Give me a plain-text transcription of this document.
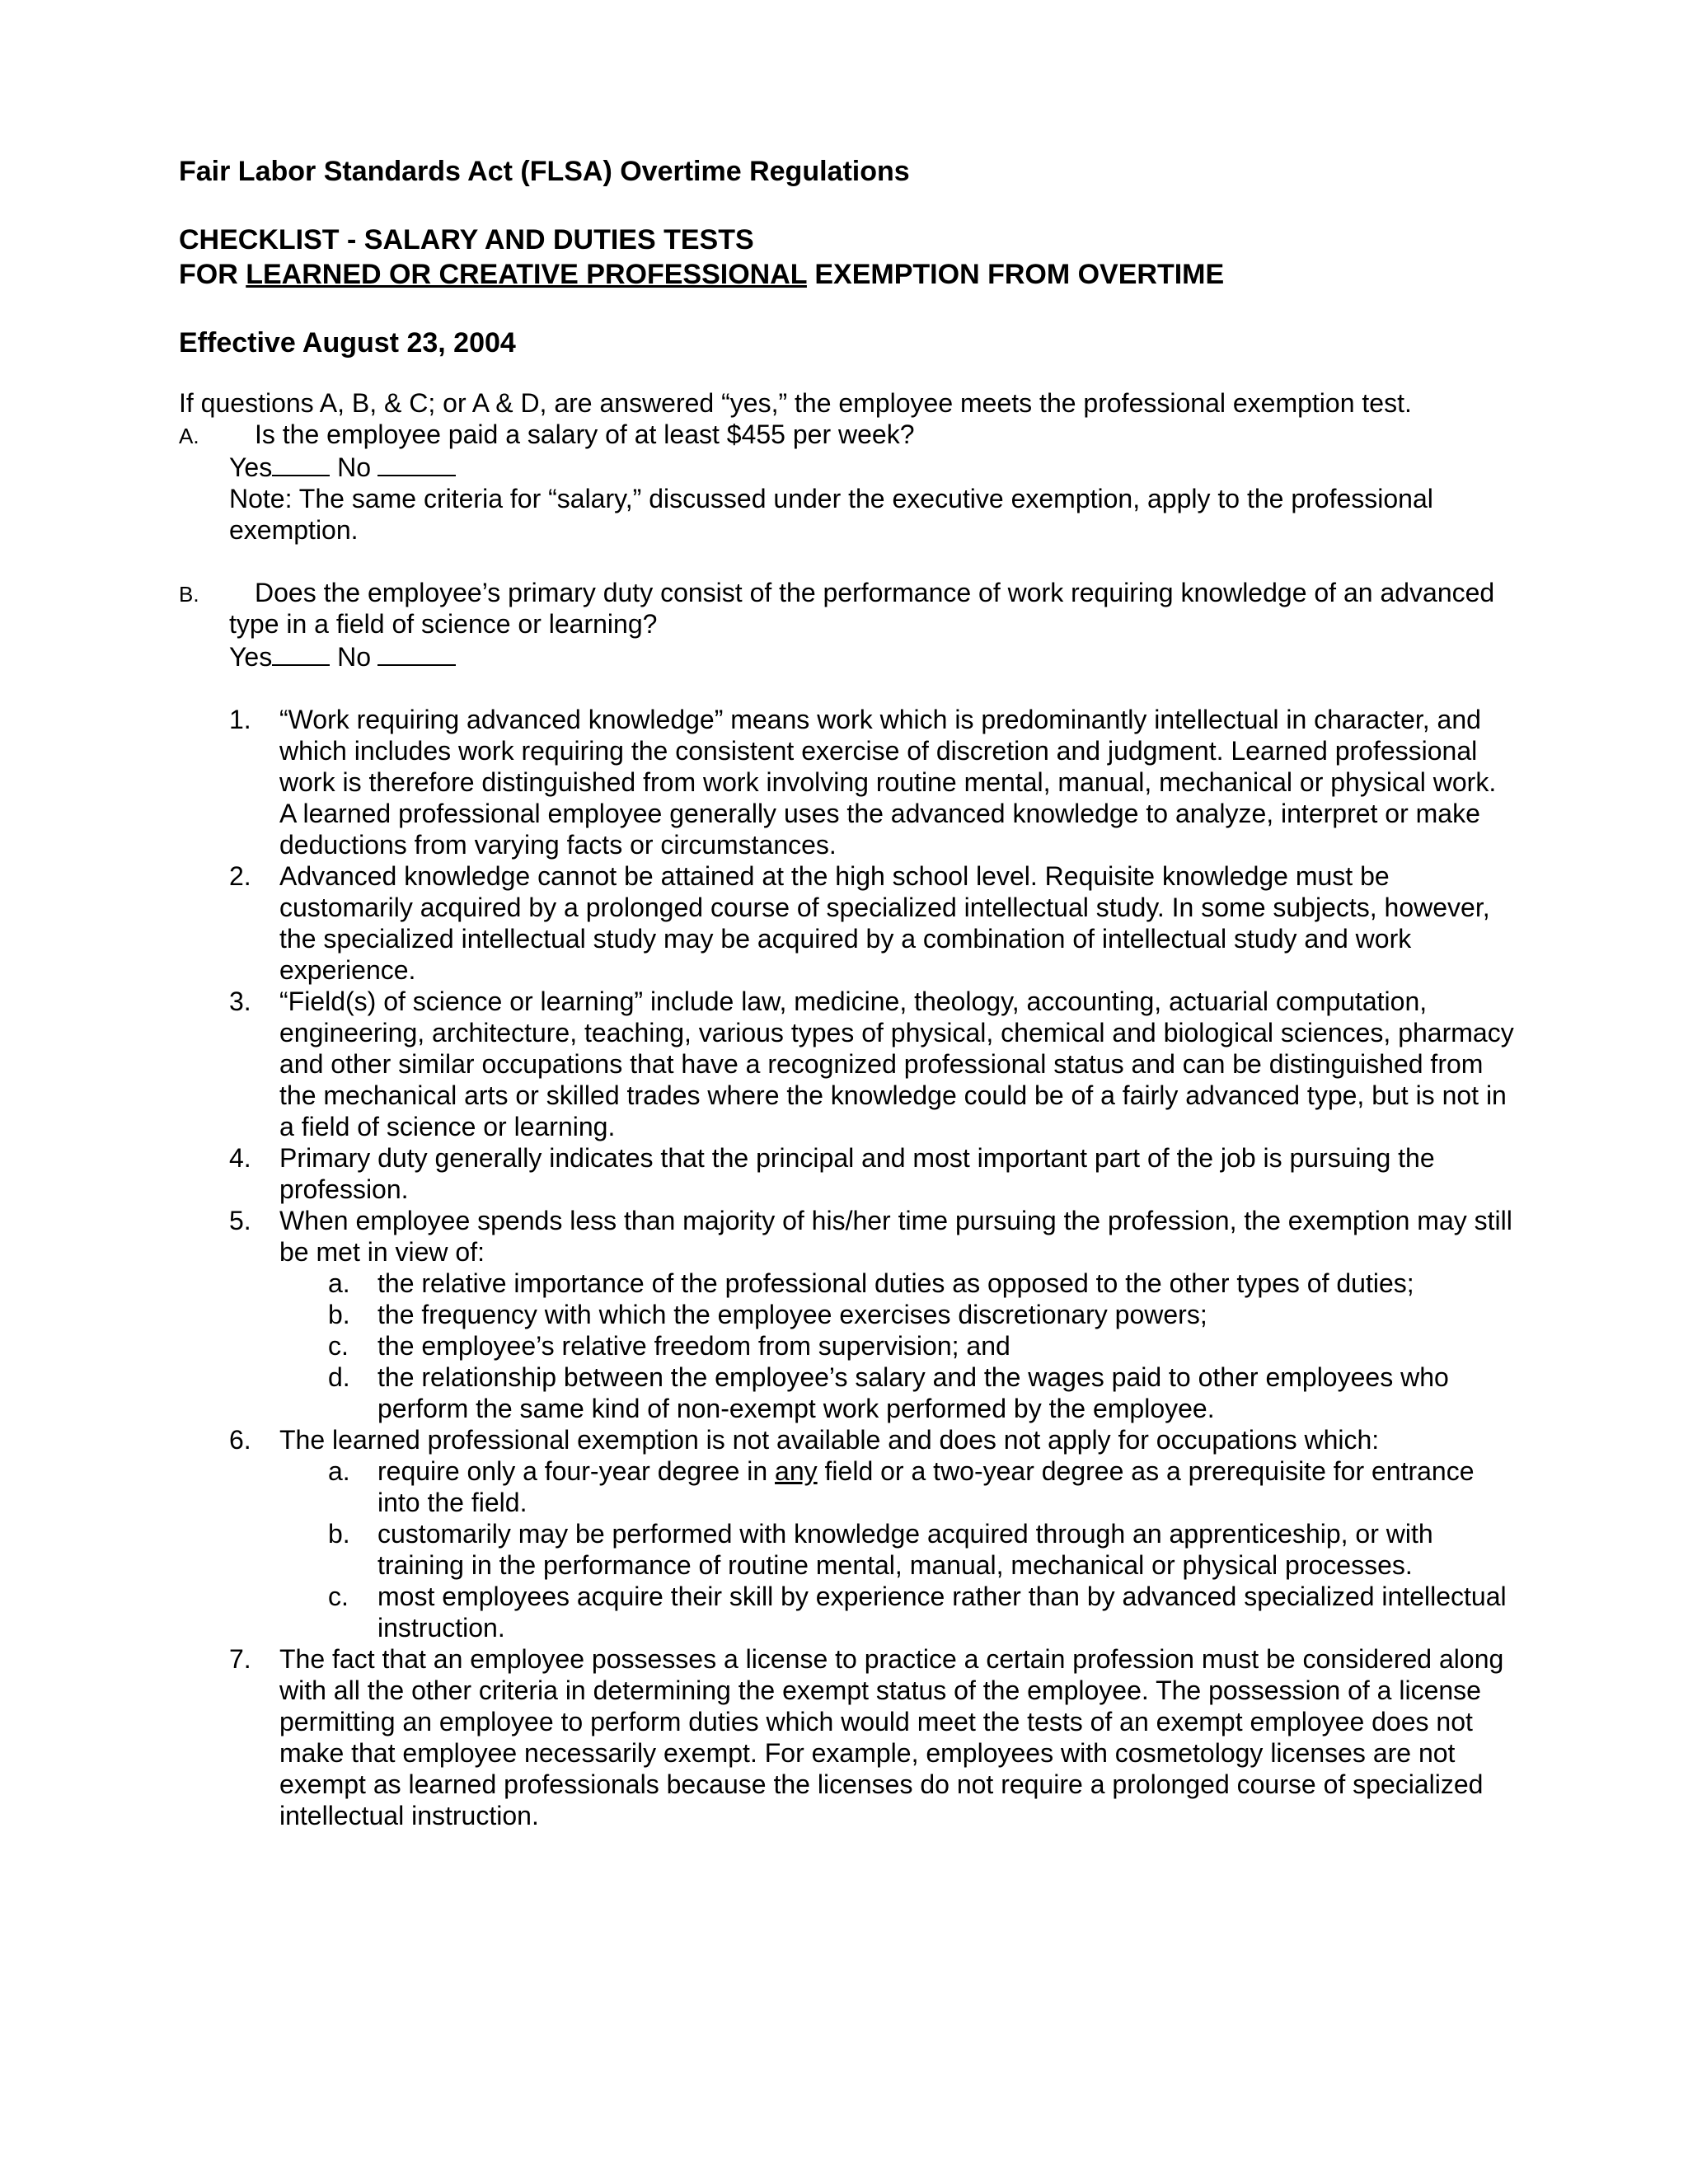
Fair Labor Standards Act (FLSA) Overtime Regulations
CHECKLIST - SALARY AND DUTIES TESTS
FOR LEARNED OR CREATIVE PROFESSIONAL EXEMPTION FROM OVERTIME
Effective August 23, 2004

If questions A, B, & C; or A & D, are answered “yes,” the employee meets the professional exemption test.

A.	Is the employee paid a salary of at least $455 per week?
Yes No
Note: The same criteria for “salary,” discussed under the executive exemption, apply to the professional exemption.
B.	Does the employee’s primary duty consist of the performance of work requiring knowledge of an advanced type in a field of science or learning?
Yes No
1.	“Work requiring advanced knowledge” means work which is predominantly intellectual in character, and which includes work requiring the consistent exercise of discretion and judgment. Learned professional work is therefore distinguished from work involving routine mental, manual, mechanical or physical work. A learned professional employee generally uses the advanced knowledge to analyze, interpret or make deductions from varying facts or circumstances.
2.	Advanced knowledge cannot be attained at the high school level. Requisite knowledge must be customarily acquired by a prolonged course of specialized intellectual study. In some subjects, however, the specialized intellectual study may be acquired by a combination of intellectual study and work experience.
3.	“Field(s) of science or learning” include law, medicine, theology, accounting, actuarial computation, engineering, architecture, teaching, various types of physical, chemical and biological sciences, pharmacy and other similar occupations that have a recognized professional status and can be distinguished from the mechanical arts or skilled trades where the knowledge could be of a fairly advanced type, but is not in a field of science or learning.
4.	Primary duty generally indicates that the principal and most important part of the job is pursuing the profession.
5.	When employee spends less than majority of his/her time pursuing the profession, the exemption may still be met in view of:
a.	the relative importance of the professional duties as opposed to the other types of duties;
b.	the frequency with which the employee exercises discretionary powers;
c.	the employee’s relative freedom from supervision; and
d.	the relationship between the employee’s salary and the wages paid to other employees who perform the same kind of non-exempt work performed by the employee.
6.	The learned professional exemption is not available and does not apply for occupations which:
a.	require only a four-year degree in any field or a two-year degree as a prerequisite for entrance into the field.
b.	customarily may be performed with knowledge acquired through an apprenticeship, or with training in the performance of routine mental, manual, mechanical or physical processes.
c.	most employees acquire their skill by experience rather than by advanced specialized intellectual instruction.
7.	The fact that an employee possesses a license to practice a certain profession must be considered along with all the other criteria in determining the exempt status of the employee. The possession of a license permitting an employee to perform duties which would meet the tests of an exempt employee does not make that employee necessarily exempt. For example, employees with cosmetology licenses are not exempt as learned professionals because the licenses do not require a prolonged course of specialized intellectual instruction.
